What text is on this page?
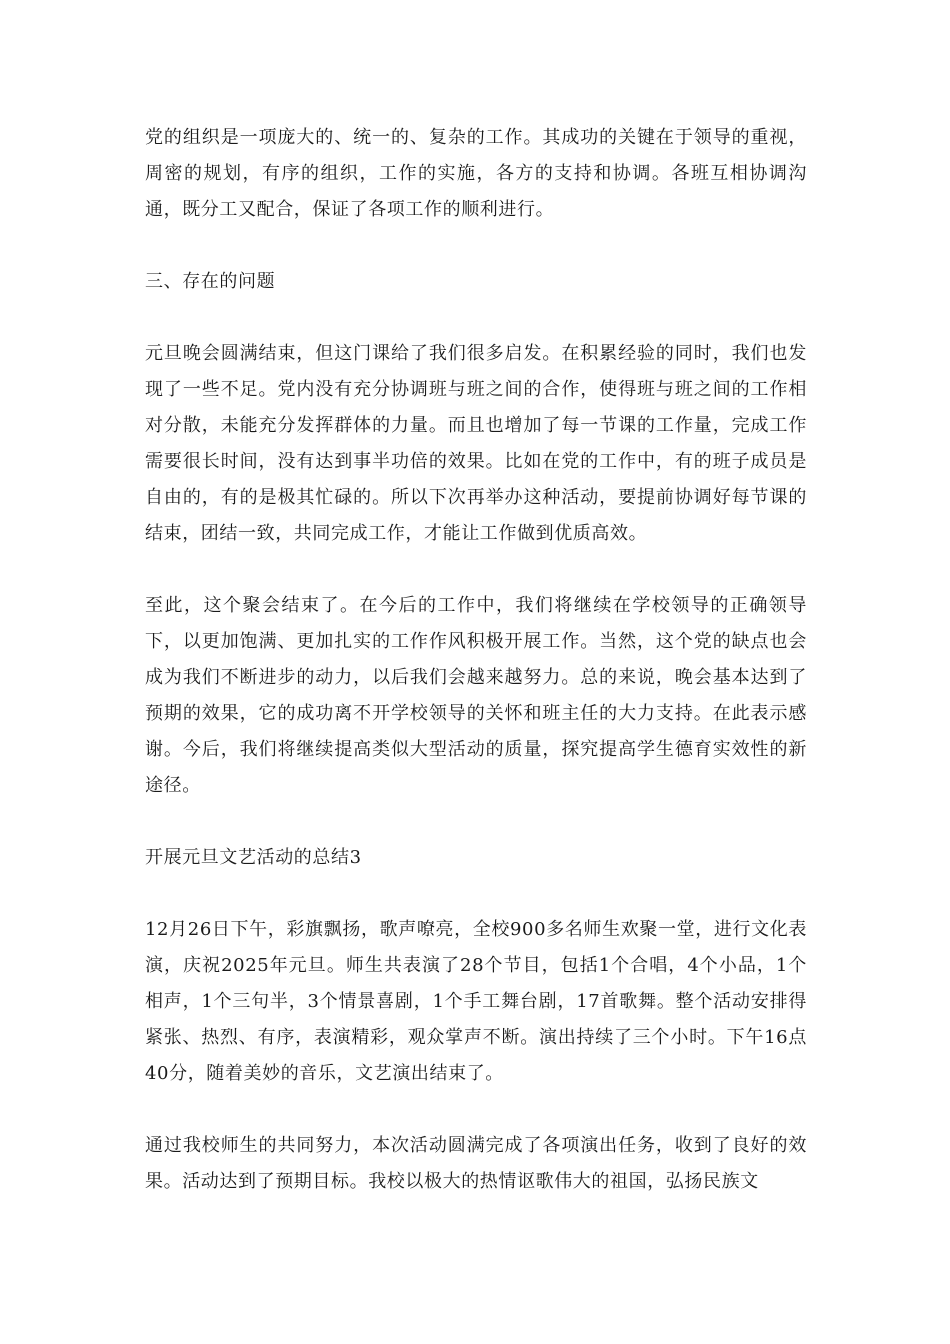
党的组织是一项庞大的、统一的、复杂的工作。其成功的关键在于领导的重视，周密的规划，有序的组织，工作的实施，各方的支持和协调。各班互相协调沟通，既分工又配合，保证了各项工作的顺利进行。

三、存在的问题

元旦晚会圆满结束，但这门课给了我们很多启发。在积累经验的同时，我们也发现了一些不足。党内没有充分协调班与班之间的合作，使得班与班之间的工作相对分散，未能充分发挥群体的力量。而且也增加了每一节课的工作量，完成工作需要很长时间，没有达到事半功倍的效果。比如在党的工作中，有的班子成员是自由的，有的是极其忙碌的。所以下次再举办这种活动，要提前协调好每节课的结束，团结一致，共同完成工作，才能让工作做到优质高效。

至此，这个聚会结束了。在今后的工作中，我们将继续在学校领导的正确领导下，以更加饱满、更加扎实的工作作风积极开展工作。当然，这个党的缺点也会成为我们不断进步的动力，以后我们会越来越努力。总的来说，晚会基本达到了预期的效果，它的成功离不开学校领导的关怀和班主任的大力支持。在此表示感谢。今后，我们将继续提高类似大型活动的质量，探究提高学生德育实效性的新途径。

开展元旦文艺活动的总结3

12月26日下午，彩旗飘扬，歌声嘹亮，全校900多名师生欢聚一堂，进行文化表演，庆祝2025年元旦。师生共表演了28个节目，包括1个合唱，4个小品，1个相声，1个三句半，3个情景喜剧，1个手工舞台剧，17首歌舞。整个活动安排得紧张、热烈、有序，表演精彩，观众掌声不断。演出持续了三个小时。下午16点40分，随着美妙的音乐，文艺演出结束了。

通过我校师生的共同努力，本次活动圆满完成了各项演出任务，收到了良好的效果。活动达到了预期目标。我校以极大的热情讴歌伟大的祖国，弘扬民族文
